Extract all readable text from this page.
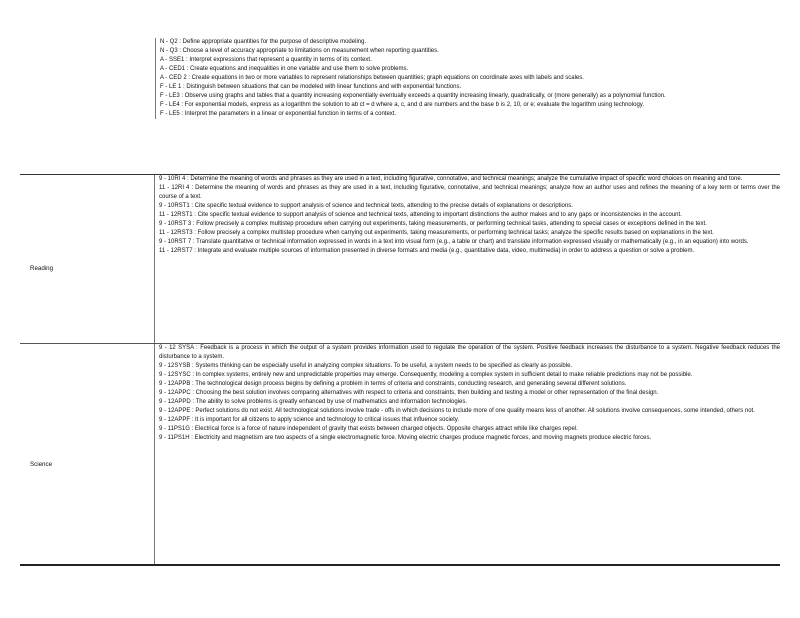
N - Q2 : Define appropriate quantities for the purpose of descriptive modeling.
N - Q3 : Choose a level of accuracy appropriate to limitations on measurement when reporting quantities.
A - SSE1 : Interpret expressions that represent a quantity in terms of its context.
A - CED1 : Create equations and inequalities in one variable and use them to solve problems.
A - CED 2 : Create equations in two or more variables to represent relationships between quantities; graph equations on coordinate axes with labels and scales.
F - LE 1 : Distinguish between situations that can be modeled with linear functions and with exponential functions.
F - LE3 : Observe using graphs and tables that a quantity increasing exponentially eventually exceeds a quantity increasing linearly, quadratically, or (more generally) as a polynomial function.
F - LE4 : For exponential models, express as a logarithm the solution to ab ct = d where a, c, and d are numbers and the base b is 2, 10, or e; evaluate the logarithm using technology.
F - LE5 : Interpret the parameters in a linear or exponential function in terms of a context.
Reading
9 - 10RI 4 : Determine the meaning of words and phrases as they are used in a text, including figurative, connotative, and technical meanings; analyze the cumulative impact of specific word choices on meaning and tone.
11 - 12RI 4 : Determine the meaning of words and phrases as they are used in a text, including figurative, connotative, and technical meanings; analyze how an author uses and refines the meaning of a key term or terms over the course of a text.
9 - 10RST1 : Cite specific textual evidence to support analysis of science and technical texts, attending to the precise details of explanations or descriptions.
11 - 12RST1 : Cite specific textual evidence to support analysis of science and technical texts, attending to important distinctions the author makes and to any gaps or inconsistencies in the account.
9 - 10RST 3 : Follow precisely a complex multistep procedure when carrying out experiments, taking measurements, or performing technical tasks, attending to special cases or exceptions defined in the text.
11 - 12RST3 : Follow precisely a complex multistep procedure when carrying out experiments, taking measurements, or performing technical tasks; analyze the specific results based on explanations in the text.
9 - 10RST 7 : Translate quantitative or technical information expressed in words in a text into visual form (e.g., a table or chart) and translate information expressed visually or mathematically (e.g., in an equation) into words.
11 - 12RST7 : Integrate and evaluate multiple sources of information presented in diverse formats and media (e.g., quantitative data, video, multimedia) in order to address a question or solve a problem.
Science
9 - 12 SYSA : Feedback is a process in which the output of a system provides information used to regulate the operation of the system. Positive feedback increases the disturbance to a system. Negative feedback reduces the disturbance to a system.
9 - 12SYSB : Systems thinking can be especially useful in analyzing complex situations. To be useful, a system needs to be specified as clearly as possible.
9 - 12SYSC : In complex systems, entirely new and unpredictable properties may emerge. Consequently, modeling a complex system in sufficient detail to make reliable predictions may not be possible.
9 - 12APPB : The technological design process begins by defining a problem in terms of criteria and constraints, conducting research, and generating several different solutions.
9 - 12APPC : Choosing the best solution involves comparing alternatives with respect to criteria and constraints, then building and testing a model or other representation of the final design.
9 - 12APPD : The ability to solve problems is greatly enhanced by use of mathematics and information technologies.
9 - 12APPE : Perfect solutions do not exist. All technological solutions involve trade - offs in which decisions to include more of one quality means less of another. All solutions involve consequences, some intended, others not.
9 - 12APPF : It is important for all citizens to apply science and technology to critical issues that influence society.
9 - 11PS1G : Electrical force is a force of nature independent of gravity that exists between charged objects. Opposite charges attract while like charges repel.
9 - 11PS1H : Electricity and magnetism are two aspects of a single electromagnetic force. Moving electric charges produce magnetic forces, and moving magnets produce electric forces.
